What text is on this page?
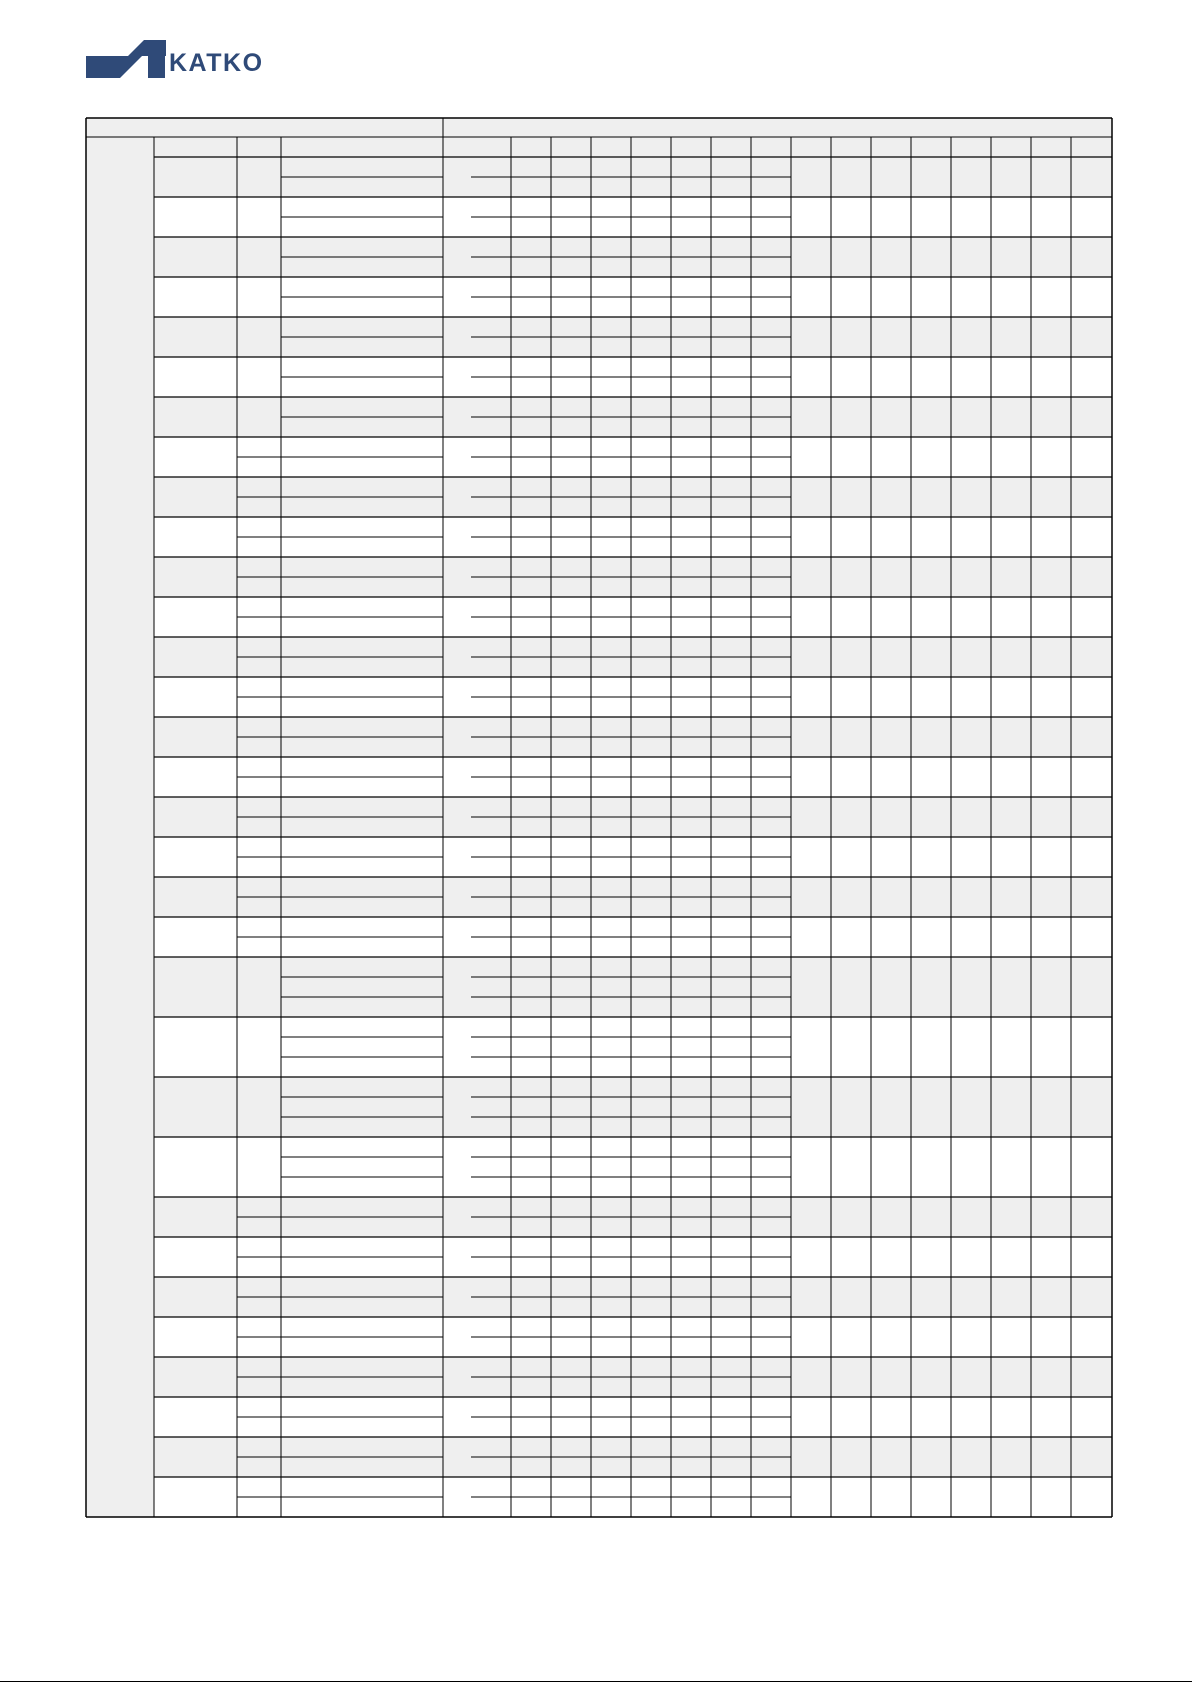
KATKO
